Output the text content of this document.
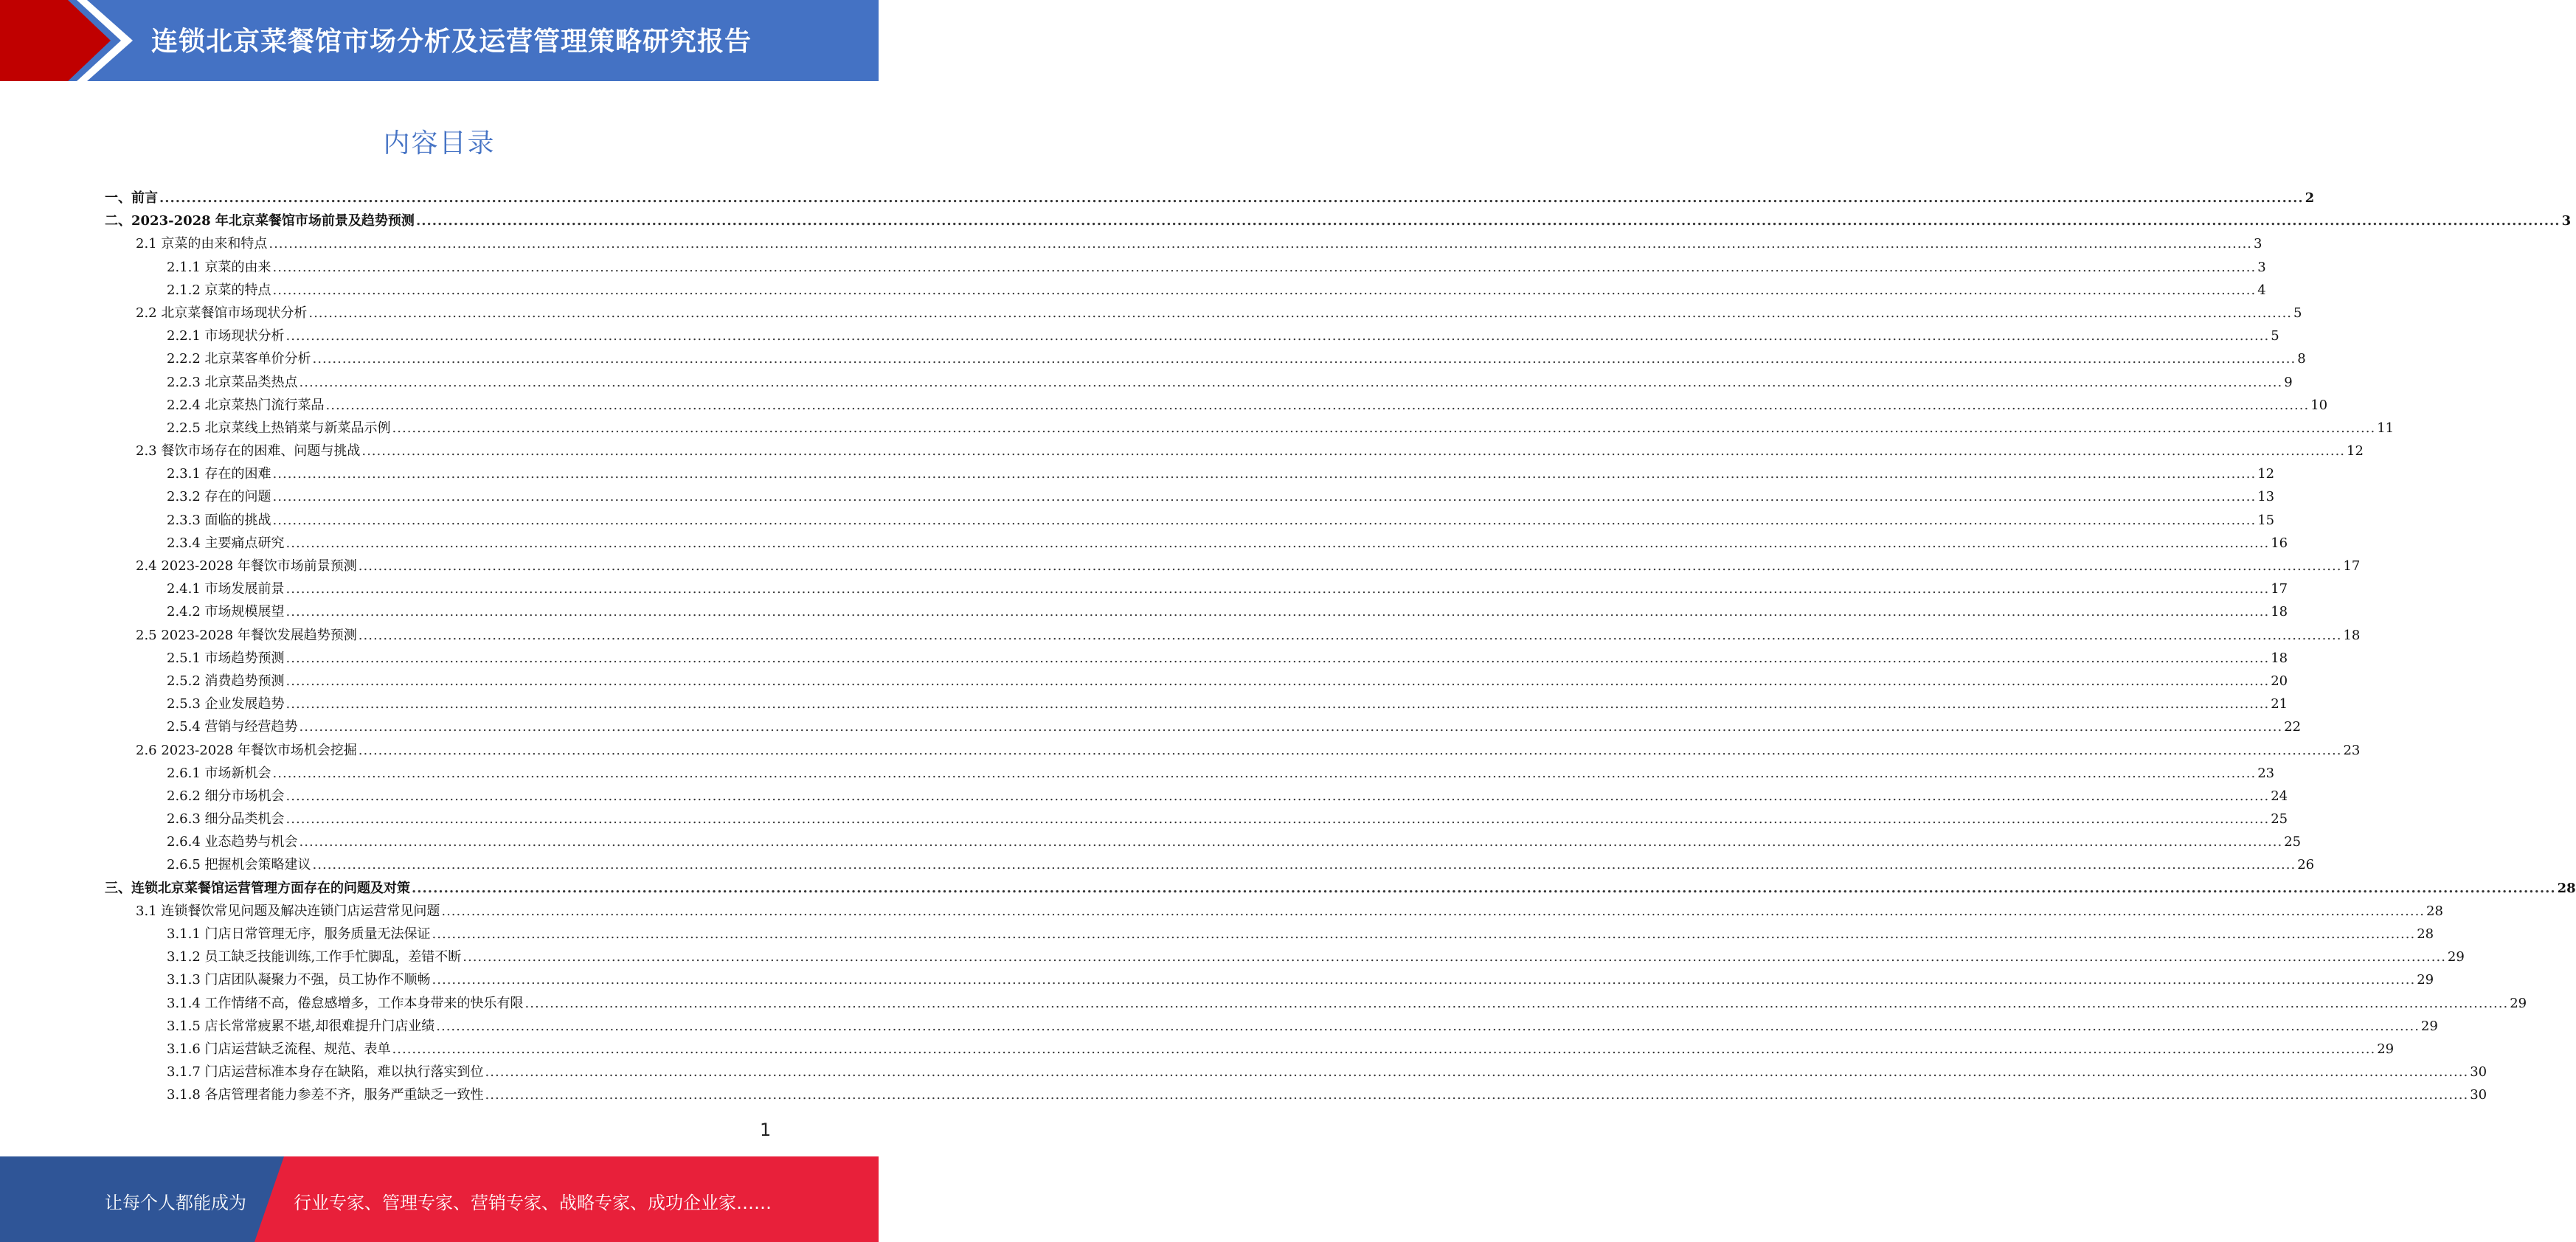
连锁北京菜餐馆市场分析及运营管理策略研究报告
内容目录
一、前言 ................................................................................................................................................................................................................................................................................................................................................................................................................ 2
二、2023-2028 年北京菜餐馆市场前景及趋势预测 ................................................................................................................................................................................................................................................................................................................................................................................................................ 3
2.1 京菜的由来和特点 ................................................................................................................................................................................................................................................................................................................................................................................................................ 3
2.1.1 京菜的由来 ................................................................................................................................................................................................................................................................................................................................................................................................................ 3
2.1.2 京菜的特点 ................................................................................................................................................................................................................................................................................................................................................................................................................ 4
2.2 北京菜餐馆市场现状分析 ................................................................................................................................................................................................................................................................................................................................................................................................................ 5
2.2.1 市场现状分析 ................................................................................................................................................................................................................................................................................................................................................................................................................ 5
2.2.2 北京菜客单价分析 ................................................................................................................................................................................................................................................................................................................................................................................................................ 8
2.2.3 北京菜品类热点 ................................................................................................................................................................................................................................................................................................................................................................................................................ 9
2.2.4 北京菜热门流行菜品 ................................................................................................................................................................................................................................................................................................................................................................................................................ 10
2.2.5 北京菜线上热销菜与新菜品示例 ................................................................................................................................................................................................................................................................................................................................................................................................................ 11
2.3 餐饮市场存在的困难、问题与挑战 ................................................................................................................................................................................................................................................................................................................................................................................................................ 12
2.3.1 存在的困难 ................................................................................................................................................................................................................................................................................................................................................................................................................ 12
2.3.2 存在的问题 ................................................................................................................................................................................................................................................................................................................................................................................................................ 13
2.3.3 面临的挑战 ................................................................................................................................................................................................................................................................................................................................................................................................................ 15
2.3.4 主要痛点研究 ................................................................................................................................................................................................................................................................................................................................................................................................................ 16
2.4 2023-2028 年餐饮市场前景预测 ................................................................................................................................................................................................................................................................................................................................................................................................................ 17
2.4.1 市场发展前景 ................................................................................................................................................................................................................................................................................................................................................................................................................ 17
2.4.2 市场规模展望 ................................................................................................................................................................................................................................................................................................................................................................................................................ 18
2.5 2023-2028 年餐饮发展趋势预测 ................................................................................................................................................................................................................................................................................................................................................................................................................ 18
2.5.1 市场趋势预测 ................................................................................................................................................................................................................................................................................................................................................................................................................ 18
2.5.2 消费趋势预测 ................................................................................................................................................................................................................................................................................................................................................................................................................ 20
2.5.3 企业发展趋势 ................................................................................................................................................................................................................................................................................................................................................................................................................ 21
2.5.4 营销与经营趋势 ................................................................................................................................................................................................................................................................................................................................................................................................................ 22
2.6 2023-2028 年餐饮市场机会挖掘 ................................................................................................................................................................................................................................................................................................................................................................................................................ 23
2.6.1 市场新机会 ................................................................................................................................................................................................................................................................................................................................................................................................................ 23
2.6.2 细分市场机会 ................................................................................................................................................................................................................................................................................................................................................................................................................ 24
2.6.3 细分品类机会 ................................................................................................................................................................................................................................................................................................................................................................................................................ 25
2.6.4 业态趋势与机会 ................................................................................................................................................................................................................................................................................................................................................................................................................ 25
2.6.5 把握机会策略建议 ................................................................................................................................................................................................................................................................................................................................................................................................................ 26
三、连锁北京菜餐馆运营管理方面存在的问题及对策 ................................................................................................................................................................................................................................................................................................................................................................................................................ 28
3.1 连锁餐饮常见问题及解决连锁门店运营常见问题 ................................................................................................................................................................................................................................................................................................................................................................................................................ 28
3.1.1 门店日常管理无序，服务质量无法保证 ................................................................................................................................................................................................................................................................................................................................................................................................................ 28
3.1.2 员工缺乏技能训练,工作手忙脚乱，差错不断 ................................................................................................................................................................................................................................................................................................................................................................................................................ 29
3.1.3 门店团队凝聚力不强，员工协作不顺畅 ................................................................................................................................................................................................................................................................................................................................................................................................................ 29
3.1.4 工作情绪不高，倦怠感增多，工作本身带来的快乐有限 ................................................................................................................................................................................................................................................................................................................................................................................................................ 29
3.1.5 店长常常疲累不堪,却很难提升门店业绩 ................................................................................................................................................................................................................................................................................................................................................................................................................ 29
3.1.6 门店运营缺乏流程、规范、表单 ................................................................................................................................................................................................................................................................................................................................................................................................................ 29
3.1.7 门店运营标准本身存在缺陷，难以执行落实到位 ................................................................................................................................................................................................................................................................................................................................................................................................................ 30
3.1.8 各店管理者能力参差不齐，服务严重缺乏一致性 ................................................................................................................................................................................................................................................................................................................................................................................................................ 30
1
让每个人都能成为	行业专家、管理专家、营销专家、战略专家、成功企业家……
